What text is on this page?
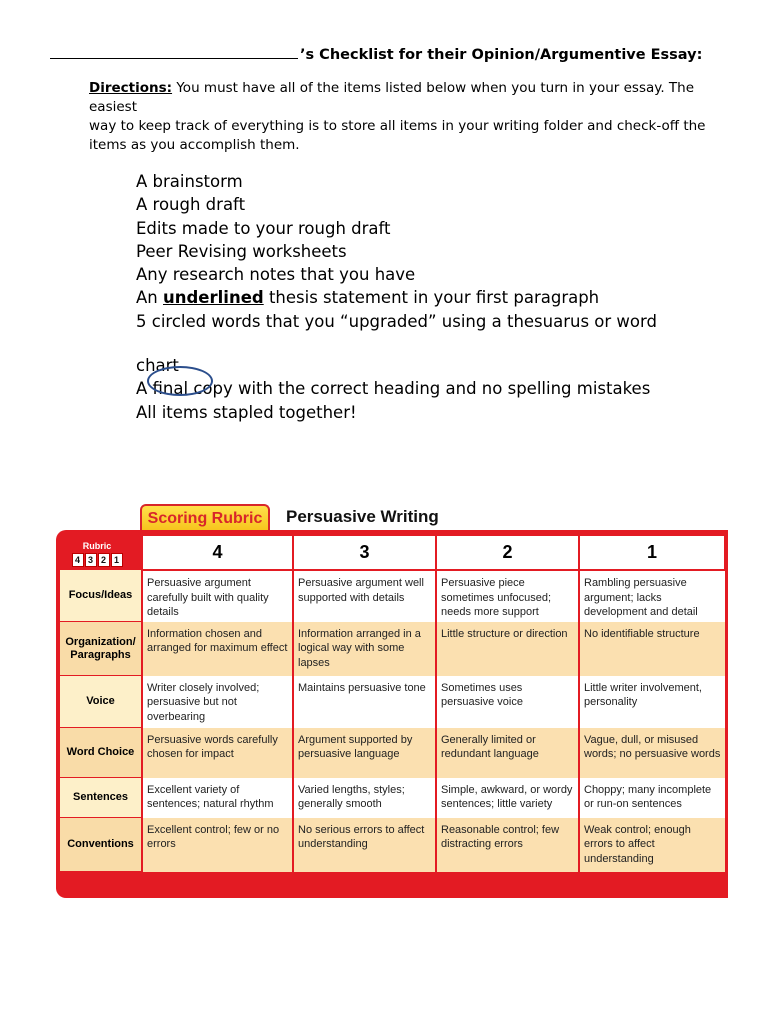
’s Checklist for their Opinion/Argumentive Essay:
Directions: You must have all of the items listed below when you turn in your essay. The easiest
way to keep track of everything is to store all items in your writing folder and check-off the items as you accomplish them.
A brainstorm
A rough draft
Edits made to your rough draft
Peer Revising worksheets
Any research notes that you have
An underlined thesis statement in your first paragraph
5 circled words that you “upgraded” using a thesuarus or word
chart
A final copy with the correct heading and no spelling mistakes
All items stapled together!
Scoring Rubric	Persuasive Writing
	4	3	2	1
Focus/Ideas	Persuasive argument carefully built with quality details	Persuasive argument well supported with details	Persuasive piece sometimes unfocused; needs more support	Rambling persuasive argument; lacks development and detail
Organization/ Paragraphs	Information chosen and arranged for maximum effect	Information arranged in a logical way with some lapses	Little structure or direction	No identifiable structure
Voice	Writer closely involved; persuasive but not overbearing	Maintains persuasive tone	Sometimes uses persuasive voice	Little writer involvement, personality
Word Choice	Persuasive words carefully chosen for impact	Argument supported by persuasive language	Generally limited or redundant language	Vague, dull, or misused words; no persuasive words
Sentences	Excellent variety of sentences; natural rhythm	Varied lengths, styles; generally smooth	Simple, awkward, or wordy sentences; little variety	Choppy; many incomplete or run-on sentences
Conventions	Excellent control; few or no errors	No serious errors to affect understanding	Reasonable control; few distracting errors	Weak control; enough errors to affect understanding
Rubric
4 3 2 1
